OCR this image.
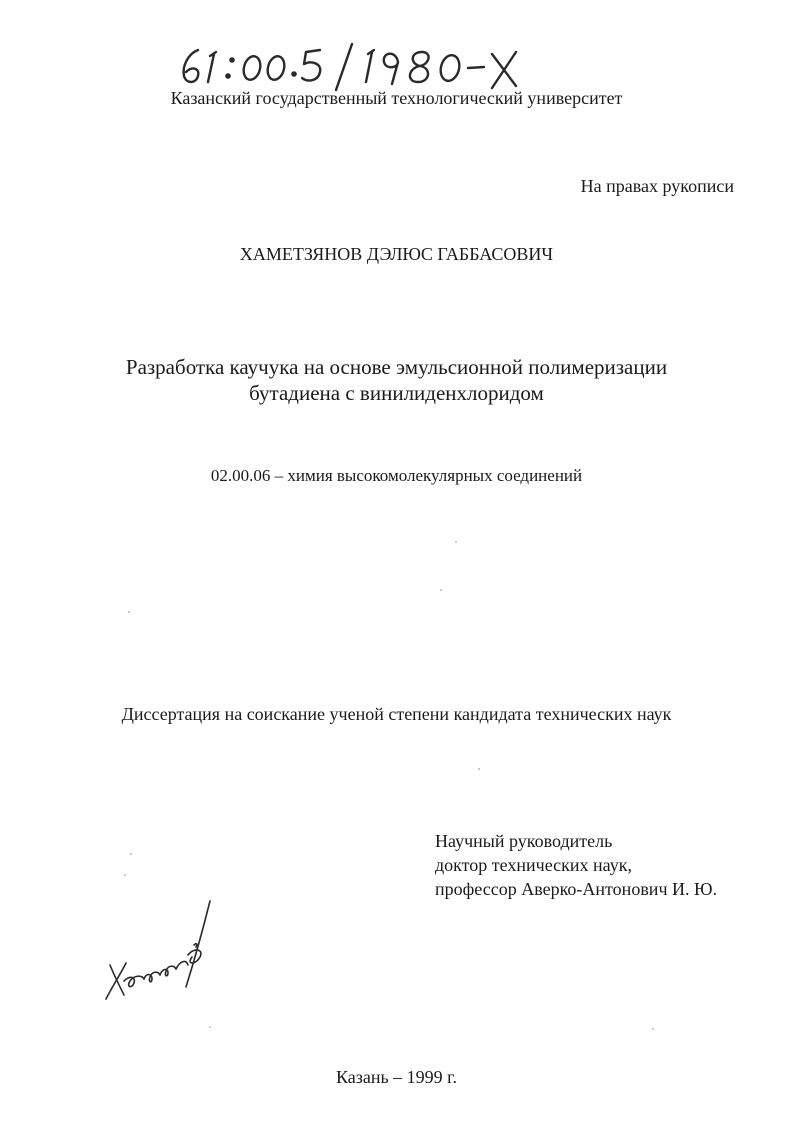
Казанский государственный технологический университет
На правах рукописи
ХАМЕТЗЯНОВ ДЭЛЮС ГАББАСОВИЧ
Разработка каучука на основе эмульсионной полимеризации
бутадиена с винилиденхлоридом
02.00.06 – химия высокомолекулярных соединений
Диссертация на соискание ученой степени кандидата технических наук
Научный руководитель
доктор технических наук,
профессор Аверко-Антонович И. Ю.
Казань – 1999 г.
